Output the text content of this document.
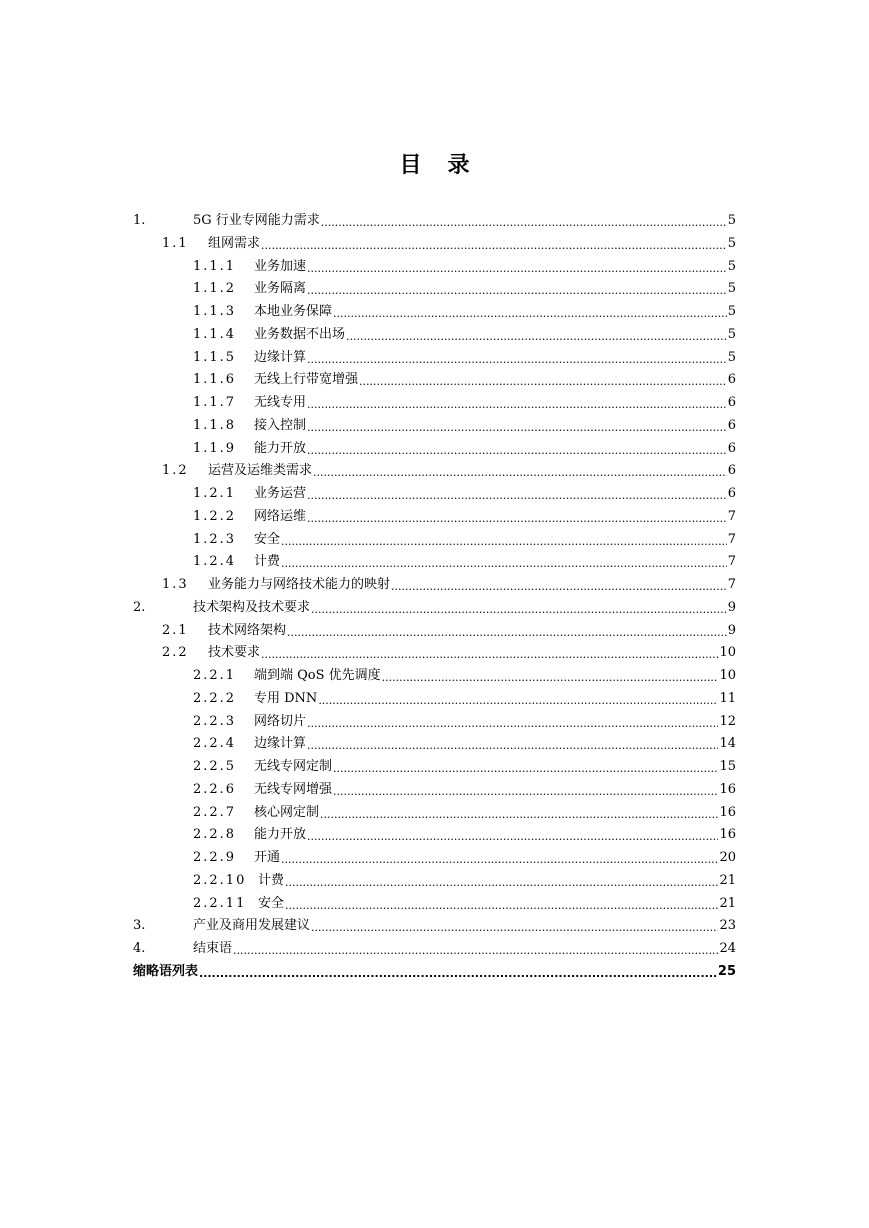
目 录
1.	5G 行业专网能力需求 .....	5
1.1	组网需求 .....	5
1.1.1	业务加速 .....	5
1.1.2	业务隔离 .....	5
1.1.3	本地业务保障 .....	5
1.1.4	业务数据不出场 .....	5
1.1.5	边缘计算 .....	5
1.1.6	无线上行带宽增强 .....	6
1.1.7	无线专用 .....	6
1.1.8	接入控制 .....	6
1.1.9	能力开放 .....	6
1.2	运营及运维类需求 .....	6
1.2.1	业务运营 .....	6
1.2.2	网络运维 .....	7
1.2.3	安全 .....	7
1.2.4	计费 .....	7
1.3	业务能力与网络技术能力的映射 .....	7
2.	技术架构及技术要求 .....	9
2.1	技术网络架构 .....	9
2.2	技术要求 .....	10
2.2.1	端到端 QoS 优先调度 .....	10
2.2.2	专用 DNN .....	11
2.2.3	网络切片 .....	12
2.2.4	边缘计算 .....	14
2.2.5	无线专网定制 .....	15
2.2.6	无线专网增强 .....	16
2.2.7	核心网定制 .....	16
2.2.8	能力开放 .....	16
2.2.9	开通 .....	20
2.2.10 计费 .....	21
2.2.11 安全 .....	21
3.	产业及商用发展建议 .....	23
4.	结束语 .....	24
缩略语列表 .....	25
